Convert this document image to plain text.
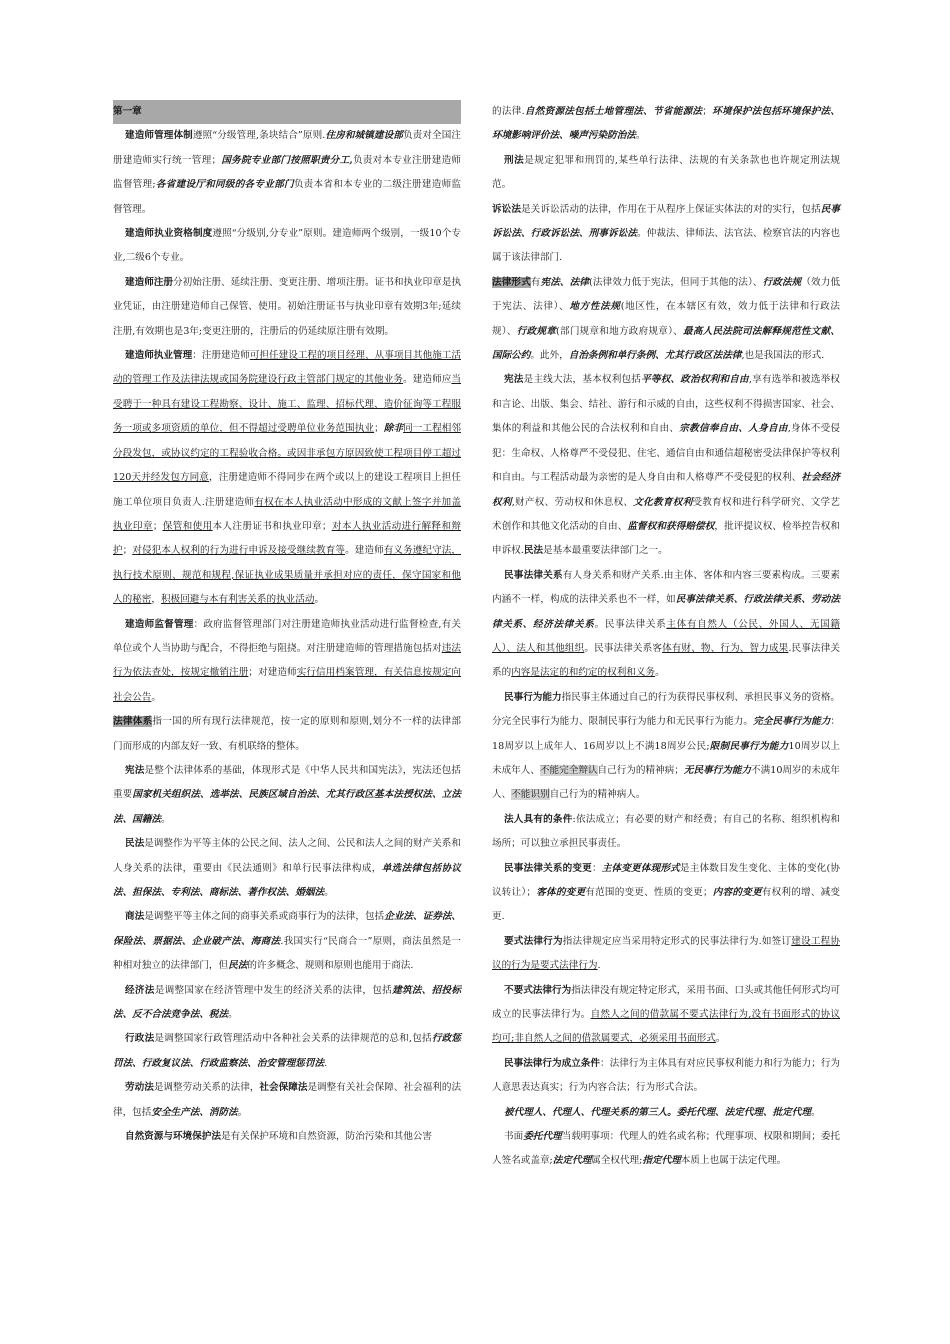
第一章

建造师管理体制遵照“分级管理,条块结合”原则.住房和城镇建设部负责对全国注册建造师实行统一管理；国务院专业部门按照职责分工,负责对本专业注册建造师监督管理;各省建设厅和同级的各专业部门负责本省和本专业的二级注册建造师监督管理。

建造师执业资格制度遵照“分级别,分专业”原则。建造师两个级别，一级10个专业,二级6个专业。

建造师注册分初始注册、延续注册、变更注册、增项注册。证书和执业印章是执业凭证，由注册建造师自己保管、使用。初始注册证书与执业印章有效期3年;延续注册,有效期也是3年;变更注册的，注册后的仍延续原注册有效期。

建造师执业管理：注册建造师可担任建设工程的项目经理、从事项目其他施工活动的管理工作及法律法规或国务院建设行政主管部门规定的其他业务。建造师应当受聘于一种具有建设工程勘察、设计、施工、监理、招标代理、造价征询等工程服务一项或多项资质的单位，但不得超过受聘单位业务范围执业；除非同一工程相邻分段发包，或协议约定的工程验收合格。或因非承包方原因致使工程项目停工超过120天并经发包方同意，注册建造师不得同步在两个或以上的建设工程项目上担任施工单位项目负责人.注册建造师有权在本人执业活动中形成的文献上签字并加盖执业印章；保管和使用本人注册证书和执业印章；对本人执业活动进行解释和辩护；对侵犯本人权利的行为进行申诉及接受继续教育等。建造师有义务遵纪守法，执行技术原则、规范和规程,保证执业成果质量并承担对应的责任，保守国家和他人的秘密，积极回避与本有利害关系的执业活动。

建造师监督管理：政府监督管理部门对注册建造师执业活动进行监督检查,有关单位或个人当协助与配合，不得拒绝与阻挠。对注册建造师的管理措施包括对违法行为依法查处，按规定撤销注册；对建造师实行信用档案管理，有关信息按规定向社会公告。

法律体系指一国的所有现行法律规范，按一定的原则和原则,划分不一样的法律部门而形成的内部友好一致、有机联络的整体。

宪法是整个法律体系的基础，体现形式是《中华人民共和国宪法》，宪法还包括重要国家机关组织法、选举法、民族区域自治法、尤其行政区基本法授权法、立法法、国籍法。

民法是调整作为平等主体的公民之间、法人之间、公民和法人之间的财产关系和人身关系的法律，重要由《民法通则》和单行民事法律构成，单选法律包括协议法、担保法、专利法、商标法、著作权法、婚姻法。

商法是调整平等主体之间的商事关系或商事行为的法律，包括企业法、证券法、保险法、票据法、企业破产法、海商法.我国实行“民商合一”原则，商法虽然是一种相对独立的法律部门，但民法的许多概念、规则和原则也能用于商法.

经济法是调整国家在经济管理中发生的经济关系的法律，包括建筑法、招投标法、反不合法竞争法、税法。

行政法是调整国家行政管理活动中各种社会关系的法律规范的总和,包括行政惩罚法、行政复议法、行政监察法、治安管理惩罚法.

劳动法是调整劳动关系的法律，社会保障法是调整有关社会保障、社会福利的法律，包括安全生产法、消防法。

自然资源与环境保护法是有关保护环境和自然资源，防治污染和其他公害

的法律.自然资源法包括土地管理法、节省能源法；环境保护法包括环境保护法、环境影响评价法、噪声污染防治法。

刑法是规定犯罪和刑罚的,某些单行法律、法规的有关条款也也许规定刑法规范。

诉讼法是关诉讼活动的法律，作用在于从程序上保证实体法的对的实行，包括民事诉讼法、行政诉讼法、刑事诉讼法。仲裁法、律师法、法官法、检察官法的内容也属于该法律部门.

法律形式有宪法、法律(法律效力低于宪法，但同于其他的法）、行政法规（效力低于宪法、法律）、地方性法规(地区性，在本辖区有效，效力低于法律和行政法规）、行政规章(部门规章和地方政府规章）、最高人民法院司法解释规范性文献、国际公约。此外，自治条例和单行条例、尤其行政区法法律,也是我国法的形式.

宪法是主线大法，基本权利包括平等权、政治权利和自由,享有选举和被选举权和言论、出版、集会、结社、游行和示威的自由，这些权利不得损害国家、社会、集体的利益和其他公民的合法权利和自由、宗教信奉自由、人身自由,身体不受侵犯：生命权、人格尊严不受侵犯、住宅、通信自由和通信超秘密受法律保护等权利和自由。与工程活动最为亲密的是人身自由和人格尊严不受侵犯的权利、社会经济权利,财产权、劳动权和休息权、文化教育权利受教育权和进行科学研究、文学艺术创作和其他文化活动的自由、监督权和获得赔偿权，批评提议权、检举控告权和申诉权.民法是基本最重要法律部门之一。

民事法律关系有人身关系和财产关系.由主体、客体和内容三要素构成。三要素内涵不一样，构成的法律关系也不一样，如民事法律关系、行政法律关系、劳动法律关系、经济法律关系。民事法律关系主体有自然人（公民、外国人、无国籍人）、法人和其他组织。民事法律关系客体有财、物、行为、智力成果.民事法律关系的内容是法定的和约定的权利和义务。

民事行为能力指民事主体通过自己的行为获得民事权利、承担民事义务的资格。分完全民事行为能力、限制民事行为能力和无民事行为能力。完全民事行为能力：18周岁以上成年人、16周岁以上不满18周岁公民;限制民事行为能力10周岁以上未成年人、不能完全辩认自己行为的精神病；无民事行为能力不满10周岁的未成年人、不能识别自己行为的精神病人。

法人具有的条件:依法成立；有必要的财产和经费；有自己的名称、组织机构和场所；可以独立承担民事责任。

民事法律关系的变更：主体变更体现形式是主体数目发生变化、主体的变化(协议转让）；客体的变更有范围的变更、性质的变更；内容的变更有权利的增、减变更.

要式法律行为指法律规定应当采用特定形式的民事法律行为.如签订建设工程协议的行为是要式法律行为.

不要式法律行为指法律没有规定特定形式，采用书面、口头或其他任何形式均可成立的民事法律行为。自然人之间的借款属不要式法律行为,没有书面形式的协议均可;非自然人之间的借款属要式，必须采用书面形式。

民事法律行为成立条件：法律行为主体具有对应民事权利能力和行为能力；行为人意思表达真实；行为内容合法；行为形式合法。

被代理人、代理人、代理关系的第三人。委托代理、法定代理、批定代理。

书面委托代理当载明事项：代理人的姓名或名称；代理事项、权限和期间；委托人签名或盖章;法定代理属全权代理;指定代理本质上也属于法定代理。
